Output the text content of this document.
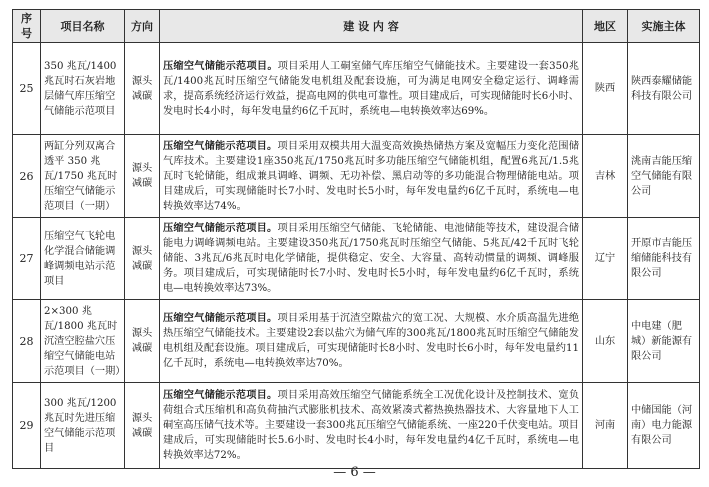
序号	项目名称	方向	建 设 内 容	地区	实施主体
25	350 兆瓦/1400 兆瓦时石灰岩地层储气库压缩空气储能示范项目	源头减碳	压缩空气储能示范项目。项目采用人工硐室储气库压缩空气储能技术。主要建设一套350兆瓦/1400兆瓦时压缩空气储能发电机组及配套设施，可为满足电网安全稳定运行、调峰需求，提高系统经济运行效益，提高电网的供电可靠性。项目建成后，可实现储能时长6小时、发电时长4小时，每年发电量约6亿千瓦时，系统电—电转换效率达69%。	陕西	陕西泰耀储能科技有限公司
26	两缸分列双离合透平 350 兆瓦/1750 兆瓦时压缩空气储能示范项目（一期）	源头减碳	压缩空气储能示范项目。项目采用双模共用大温变高效换热储热方案及宽幅压力变化范围储气库技术。主要建设1座350兆瓦/1750兆瓦时多功能压缩空气储能机组，配置6兆瓦/1.5兆瓦时飞轮储能，组成兼具调峰、调频、无功补偿、黑启动等的多功能混合物理储能电站。项目建成后，可实现储能时长7小时、发电时长5小时，每年发电量约6亿千瓦时，系统电—电转换效率达74%。	吉林	洮南吉能压缩空气储能有限公司
27	压缩空气飞轮电化学混合储能调峰调频电站示范项目	源头减碳	压缩空气储能示范项目。项目采用压缩空气储能、飞轮储能、电池储能等技术，建设混合储能电力调峰调频电站。主要建设350兆瓦/1750兆瓦时压缩空气储能、5兆瓦/42千瓦时飞轮储能、3兆瓦/6兆瓦时电化学储能，提供稳定、安全、大容量、高转动惯量的调频、调峰服务。项目建成后，可实现储能时长7小时、发电时长5小时，每年发电量约6亿千瓦时，系统电—电转换效率达73%。	辽宁	开原市吉能压缩储能科技有限公司
28	2×300 兆瓦/1800 兆瓦时沉渣空腔盐穴压缩空气储能电站示范项目（一期）	源头减碳	压缩空气储能示范项目。项目采用基于沉渣空隙盐穴的宽工况、大规模、水介质高温先进绝热压缩空气储能技术。主要建设2套以盐穴为储气库的300兆瓦/1800兆瓦时压缩空气储能发电机组及配套设施。项目建成后，可实现储能时长8小时、发电时长6小时，每年发电量约11亿千瓦时，系统电—电转换效率达70%。	山东	中电建（肥城）新能源有限公司
29	300 兆瓦/1200 兆瓦时先进压缩空气储能示范项目	源头减碳	压缩空气储能示范项目。项目采用高效压缩空气储能系统全工况优化设计及控制技术、宽负荷组合式压缩机和高负荷抽汽式膨胀机技术、高效紧凑式蓄热换热器技术、大容量地下人工硐室高压储气技术等。主要建设一套300兆瓦压缩空气储能系统、一座220千伏变电站。项目建成后，可实现储能时长5.6小时、发电时长4小时，每年发电量约4亿千瓦时，系统电—电转换效率达72%。	河南	中储国能（河南）电力能源有限公司
— 6 —
